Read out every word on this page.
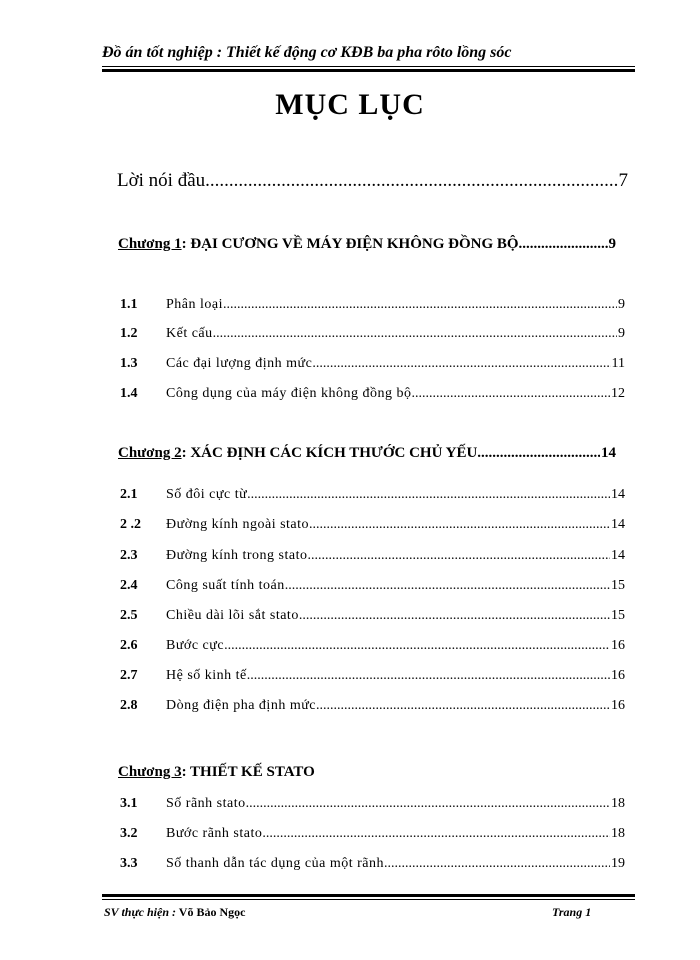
Đồ án tốt nghiệp : Thiết kế động cơ KĐB ba pha rôto lồng sóc
MỤC LỤC
Lời nói đầu .....	7
Chương 1 : ĐẠI CƯƠNG VỀ MÁY ĐIỆN KHÔNG ĐỒNG BỘ .....	9
1.1	Phân loại .....	9
1.2	Kết cấu .....	9
1.3	Các đại lượng định mức .....	11
1.4	Công dụng của máy điện không đồng bộ .....	12
Chương 2 : XÁC ĐỊNH CÁC KÍCH THƯỚC CHỦ YẾU .....	14
2.1	Số đôi cực từ .....	14
2 .2	Đường kính ngoài stato .....	14
2.3	Đường kính trong stato .....	14
2.4	Công suất tính toán .....	15
2.5	Chiều dài lõi sắt stato .....	15
2.6	Bước cực .....	16
2.7	Hệ số kinh tế .....	16
2.8	Dòng điện pha định mức .....	16
Chương 3 : THIẾT KẾ STATO
3.1	Số rãnh stato .....	18
3.2	Bước rãnh stato .....	18
3.3	Số thanh dẫn tác dụng của một rãnh .....	19
SV thực hiện : Võ Bảo Ngọc	Trang 1
